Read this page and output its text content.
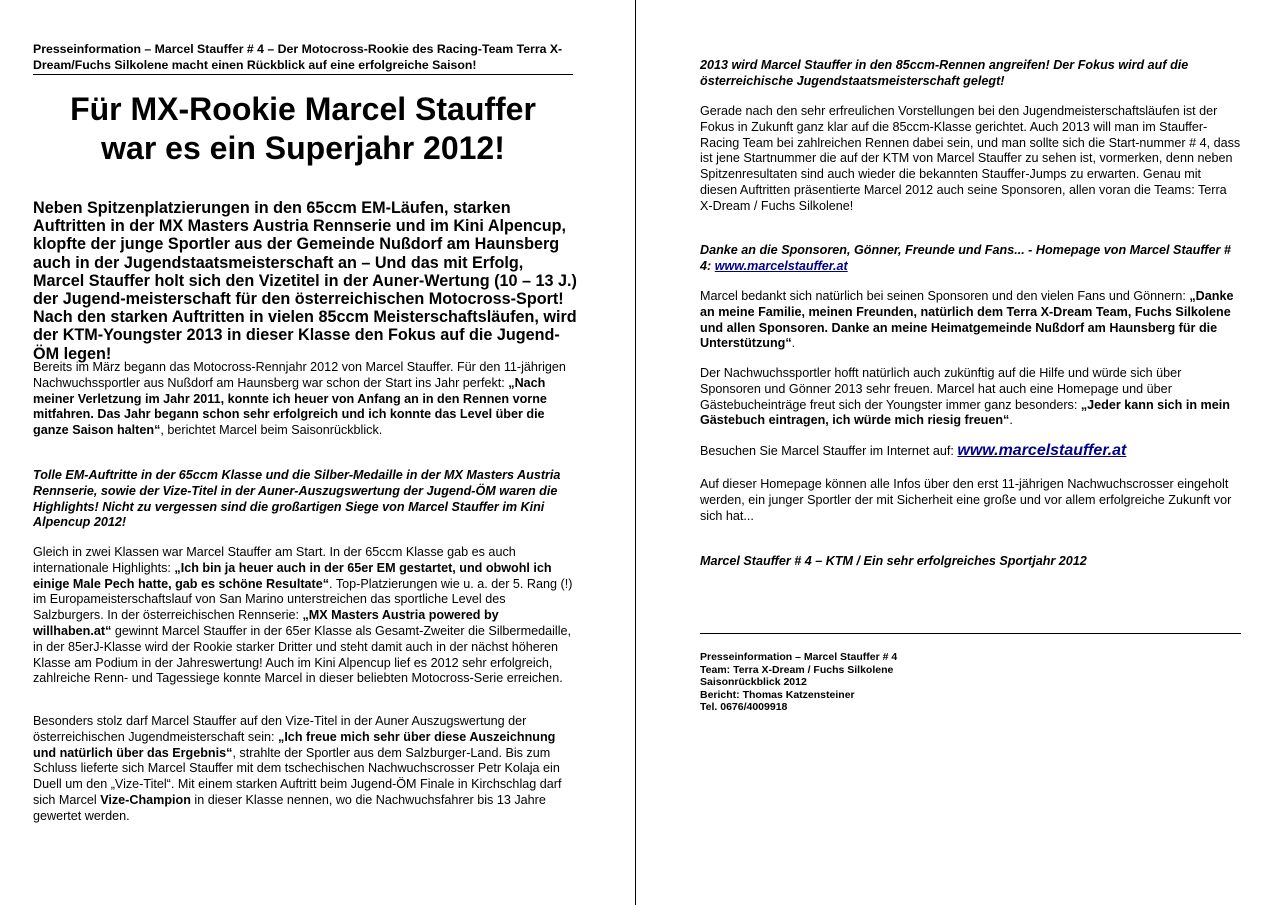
Presseinformation – Marcel Stauffer # 4 – Der Motocross-Rookie des Racing-Team Terra X-Dream/Fuchs Silkolene macht einen Rückblick auf eine erfolgreiche Saison!
Für MX-Rookie Marcel Stauffer
war es ein Superjahr 2012!
Neben Spitzenplatzierungen in den 65ccm EM-Läufen, starken Auftritten in der MX Masters Austria Rennserie und im Kini Alpencup, klopfte der junge Sportler aus der Gemeinde Nußdorf am Haunsberg auch in der Jugendstaatsmeisterschaft an – Und das mit Erfolg, Marcel Stauffer holt sich den Vizetitel in der Auner-Wertung (10 – 13 J.) der Jugend-meisterschaft für den österreichischen Motocross-Sport! Nach den starken Auftritten in vielen 85ccm Meisterschaftsläufen, wird der KTM-Youngster 2013 in dieser Klasse den Fokus auf die Jugend-ÖM legen!
Bereits im März begann das Motocross-Rennjahr 2012 von Marcel Stauffer. Für den 11-jährigen Nachwuchssportler aus Nußdorf am Haunsberg war schon der Start ins Jahr perfekt: „Nach meiner Verletzung im Jahr 2011, konnte ich heuer von Anfang an in den Rennen vorne mitfahren. Das Jahr begann schon sehr erfolgreich und ich konnte das Level über die ganze Saison halten“, berichtet Marcel beim Saisonrückblick.
Tolle EM-Auftritte in der 65ccm Klasse und die Silber-Medaille in der MX Masters Austria Rennserie, sowie der Vize-Titel in der Auner-Auszugswertung der Jugend-ÖM waren die Highlights! Nicht zu vergessen sind die großartigen Siege von Marcel Stauffer im Kini Alpencup 2012!
Gleich in zwei Klassen war Marcel Stauffer am Start. In der 65ccm Klasse gab es auch internationale Highlights: „Ich bin ja heuer auch in der 65er EM gestartet, und obwohl ich einige Male Pech hatte, gab es schöne Resultate“. Top-Platzierungen wie u. a. der 5. Rang (!) im Europameisterschaftslauf von San Marino unterstreichen das sportliche Level des Salzburgers. In der österreichischen Rennserie: „MX Masters Austria powered by willhaben.at“ gewinnt Marcel Stauffer in der 65er Klasse als Gesamt-Zweiter die Silbermedaille, in der 85erJ-Klasse wird der Rookie starker Dritter und steht damit auch in der nächst höheren Klasse am Podium in der Jahreswertung! Auch im Kini Alpencup lief es 2012 sehr erfolgreich, zahlreiche Renn- und Tagessiege konnte Marcel in dieser beliebten Motocross-Serie erreichen.
Besonders stolz darf Marcel Stauffer auf den Vize-Titel in der Auner Auszugswertung der österreichischen Jugendmeisterschaft sein: „Ich freue mich sehr über diese Auszeichnung und natürlich über das Ergebnis“, strahlte der Sportler aus dem Salzburger-Land. Bis zum Schluss lieferte sich Marcel Stauffer mit dem tschechischen Nachwuchscrosser Petr Kolaja ein Duell um den „Vize-Titel“. Mit einem starken Auftritt beim Jugend-ÖM Finale in Kirchschlag darf sich Marcel Vize-Champion in dieser Klasse nennen, wo die Nachwuchsfahrer bis 13 Jahre gewertet werden.
2013 wird Marcel Stauffer in den 85ccm-Rennen angreifen! Der Fokus wird auf die österreichische Jugendstaatsmeisterschaft gelegt!
Gerade nach den sehr erfreulichen Vorstellungen bei den Jugendmeisterschaftsläufen ist der Fokus in Zukunft ganz klar auf die 85ccm-Klasse gerichtet. Auch 2013 will man im Stauffer-Racing Team bei zahlreichen Rennen dabei sein, und man sollte sich die Start-nummer # 4, dass ist jene Startnummer die auf der KTM von Marcel Stauffer zu sehen ist, vormerken, denn neben Spitzenresultaten sind auch wieder die bekannten Stauffer-Jumps zu erwarten. Genau mit diesen Auftritten präsentierte Marcel 2012 auch seine Sponsoren, allen voran die Teams: Terra X-Dream / Fuchs Silkolene!
Danke an die Sponsoren, Gönner, Freunde und Fans... - Homepage von Marcel Stauffer # 4: www.marcelstauffer.at
Marcel bedankt sich natürlich bei seinen Sponsoren und den vielen Fans und Gönnern: „Danke an meine Familie, meinen Freunden, natürlich dem Terra X-Dream Team, Fuchs Silkolene und allen Sponsoren. Danke an meine Heimatgemeinde Nußdorf am Haunsberg für die Unterstützung“.
Der Nachwuchssportler hofft natürlich auch zukünftig auf die Hilfe und würde sich über Sponsoren und Gönner 2013 sehr freuen. Marcel hat auch eine Homepage und über Gästebucheinträge freut sich der Youngster immer ganz besonders: „Jeder kann sich in mein Gästebuch eintragen, ich würde mich riesig freuen“.
Besuchen Sie Marcel Stauffer im Internet auf: www.marcelstauffer.at
Auf dieser Homepage können alle Infos über den erst 11-jährigen Nachwuchscrosser eingeholt werden, ein junger Sportler der mit Sicherheit eine große und vor allem erfolgreiche Zukunft vor sich hat...
Marcel Stauffer # 4 – KTM / Ein sehr erfolgreiches Sportjahr 2012
Presseinformation – Marcel Stauffer # 4
Team: Terra X-Dream / Fuchs Silkolene
Saisonrückblick 2012
Bericht: Thomas Katzensteiner
Tel. 0676/4009918
